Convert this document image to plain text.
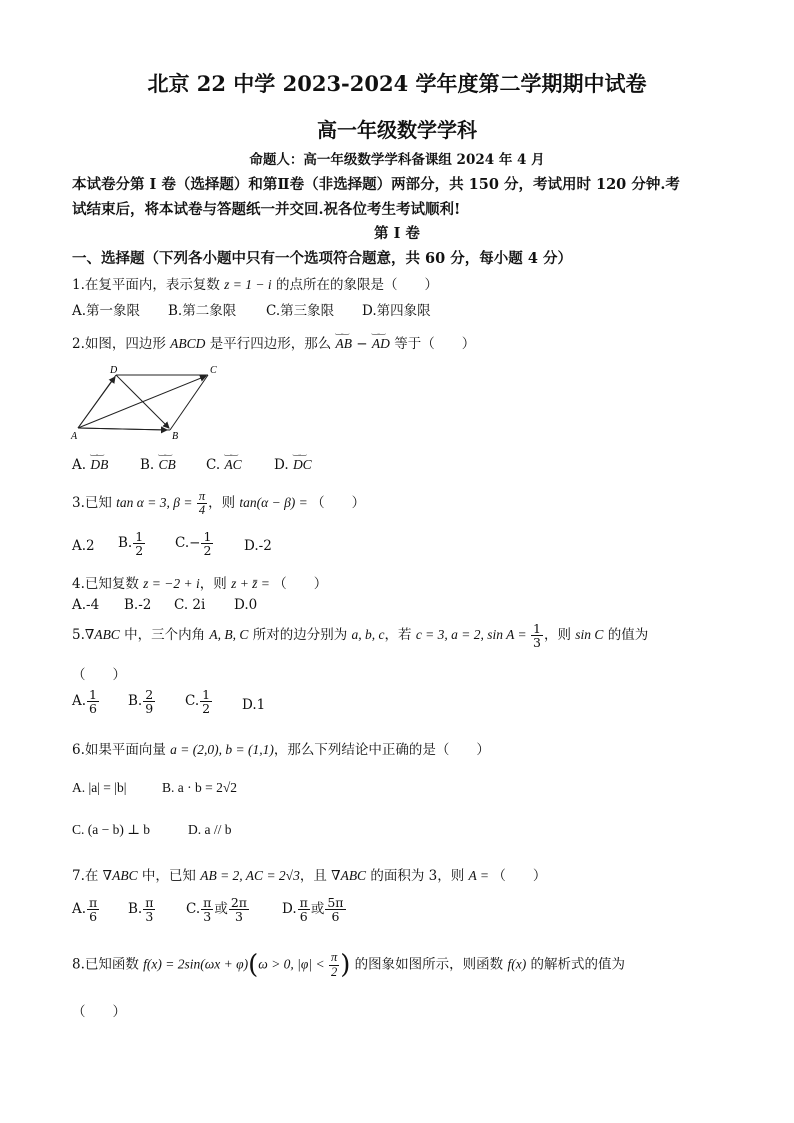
北京 22 中学 2023-2024 学年度第二学期期中试卷
高一年级数学学科
命题人：高一年级数学学科备课组 2024 年 4 月
本试卷分第 I 卷（选择题）和第Ⅱ卷（非选择题）两部分，共 150 分，考试用时 120 分钟.考
试结束后，将本试卷与答题纸一并交回.祝各位考生考试顺利!
第 I 卷
一、选择题（下列各小题中只有一个选项符合题意，共 60 分，每小题 4 分）
1.在复平面内，表示复数 z = 1 − i 的点所在的象限是（　　）
A.第一象限 B.第二象限 C.第三象限 D.第四象限
2.如图，四边形 ABCD 是平行四边形，那么 ‿‿ AB − ‿‿ AD 等于（　　）
D	C
A	B
A. ‿‿ DB B. ‿‿ CB C. ‿‿ AC D. ‿‿ DC
3.已知 tan α = 3, $\beta = \frac{\pi}{4}$ ，则 tan(α − β) = （　　）
A.2 B. $\frac{1}{2} C.- \frac{1}{2} D.-2$
4.已知复数 z = −2 + i，则 z + z̄ = （　　）
A.-4 B.-2 C. 2i D.0
5.∇ABC 中，三个内角 A, B, C 所对的边分别为 a, b, c，若 c = 3, a = 2, $\sin A = \frac{1}{3}$ ，则 sin C 的值为
（　　）
A. $\frac{1}{6} B$. $\frac{2}{9} C$. $\frac{1}{2} D.1$
6.如果平面向量 a = (2,0), b = (1,1)，那么下列结论中正确的是（　　）
A. |a| = |b|	B. a · b = 2√2
C. (a − b) ⊥ b	D. a // b
7.在 ∇ABC 中，已知 AB = 2, AC = 2√3，且 ∇ABC 的面积为 3，则 A = （　　）
A. $\frac{\pi}{6} B$. $\frac{\pi}{3} C$. $\frac{\pi}{3}$ 或 $\frac{2\pi}{3} D$. $\frac{\pi}{6}$ 或 $\frac{5\pi}{6}$
8.已知函数 f(x) = 2sin(ωx + φ)(ω > 0, $|\varphi| < \frac{\pi}{2}$ ) 的图象如图所示，则函数 f(x) 的解析式的值为
（　　）
